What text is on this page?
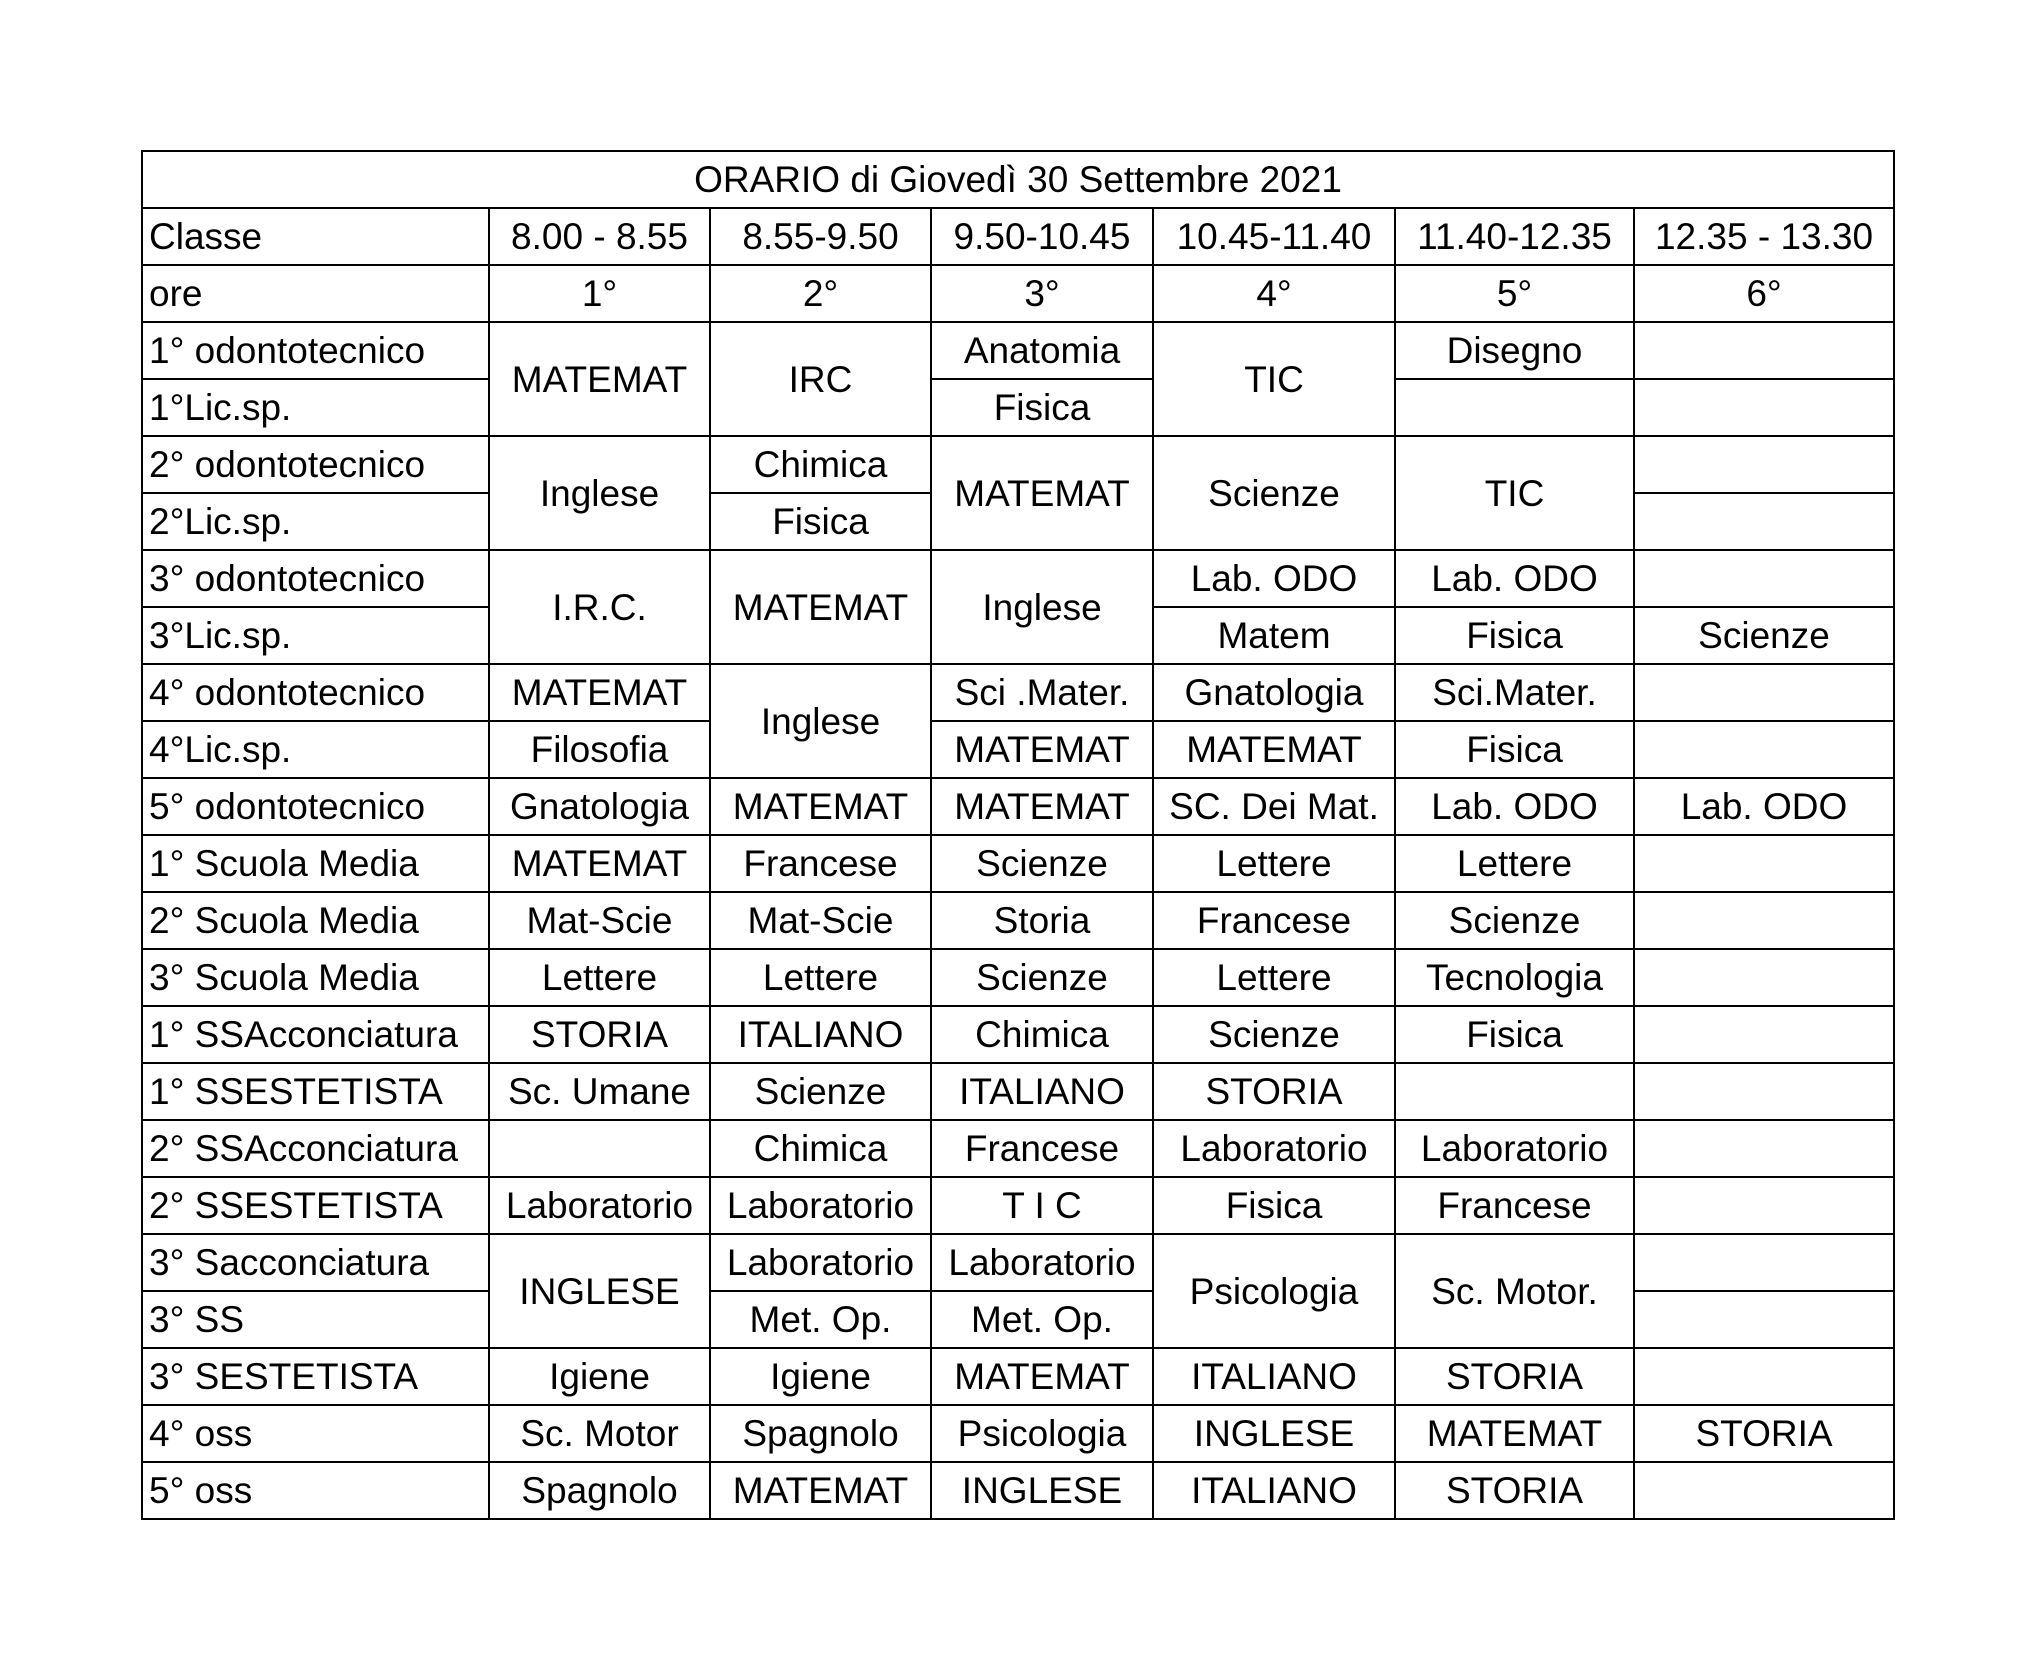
ORARIO di Giovedì 30 Settembre 2021						
Classe	8.00 - 8.55	8.55-9.50	9.50-10.45	10.45-11.40	11.40-12.35	12.35 - 13.30
ore	1°	2°	3°	4°	5°	6°
1° odontotecnico	MATEMAT	IRC	Anatomia	TIC	Disegno	
1°Lic.sp.			Fisica			
2° odontotecnico	Inglese	Chimica	MATEMAT	Scienze	TIC	
2°Lic.sp.		Fisica				
3° odontotecnico	I.R.C.	MATEMAT	Inglese	Lab. ODO	Lab. ODO	
3°Lic.sp.				Matem	Fisica	Scienze
4° odontotecnico	MATEMAT	Inglese	Sci .Mater.	Gnatologia	Sci.Mater.	
4°Lic.sp.	Filosofia		MATEMAT	MATEMAT	Fisica	
5° odontotecnico	Gnatologia	MATEMAT	MATEMAT	SC. Dei Mat.	Lab. ODO	Lab. ODO
1° Scuola Media	MATEMAT	Francese	Scienze	Lettere	Lettere	
2° Scuola Media	Mat-Scie	Mat-Scie	Storia	Francese	Scienze	
3° Scuola Media	Lettere	Lettere	Scienze	Lettere	Tecnologia	
1° SSAcconciatura	STORIA	ITALIANO	Chimica	Scienze	Fisica	
1° SSESTETISTA	Sc. Umane	Scienze	ITALIANO	STORIA		
2° SSAcconciatura		Chimica	Francese	Laboratorio	Laboratorio	
2° SSESTETISTA	Laboratorio	Laboratorio	T I C	Fisica	Francese	
3° Sacconciatura	INGLESE	Laboratorio	Laboratorio	Psicologia	Sc. Motor.	
3° SS		Met. Op.	Met. Op.			
3° SESTETISTA	Igiene	Igiene	MATEMAT	ITALIANO	STORIA	
4° oss	Sc. Motor	Spagnolo	Psicologia	INGLESE	MATEMAT	STORIA
5° oss	Spagnolo	MATEMAT	INGLESE	ITALIANO	STORIA	
